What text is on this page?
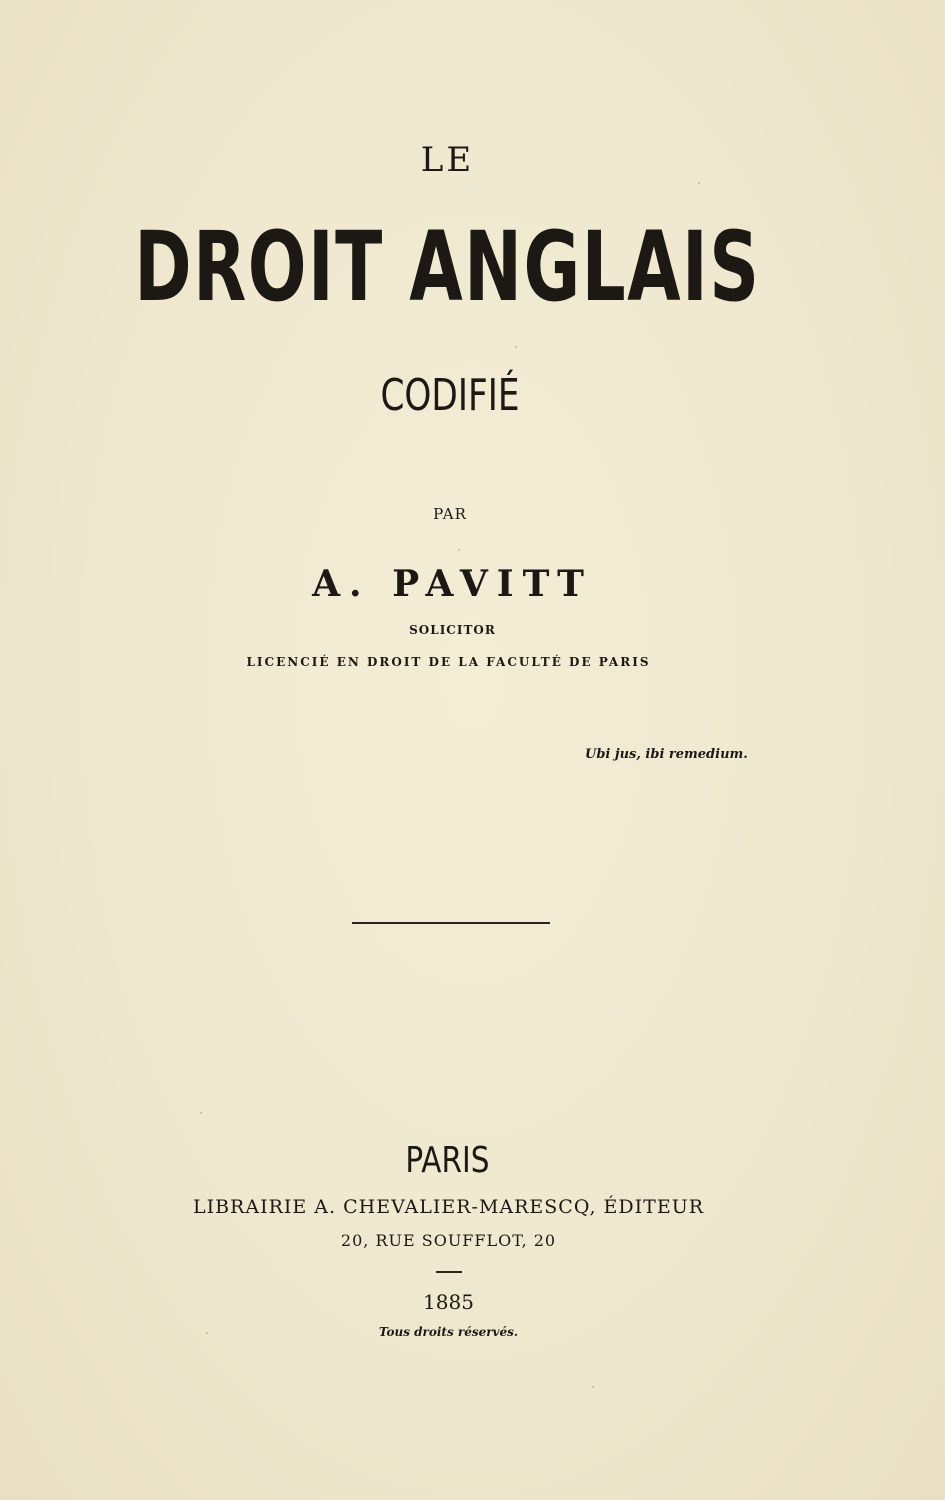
LE
DROIT ANGLAIS
CODIFIÉ
PAR
A. PAVITT
SOLICITOR
LICENCIÉ EN DROIT DE LA FACULTÉ DE PARIS
Ubi jus, ibi remedium.
PARIS
LIBRAIRIE A. CHEVALIER-MARESCQ, ÉDITEUR
20, RUE SOUFFLOT, 20
1885
Tous droits réservés.
